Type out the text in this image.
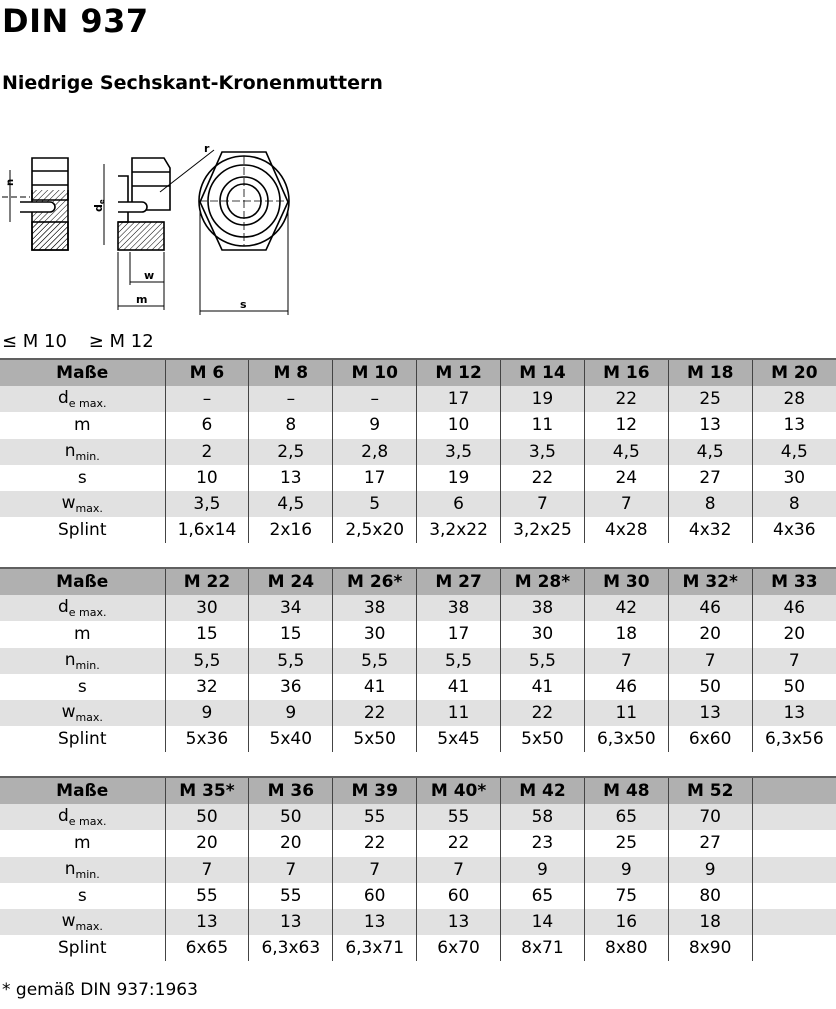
DIN 937
Niedrige Sechskant-Kronenmuttern
n
de
w
m
r
s
≤ M 10 ≥ M 12
Maße	M 6	M 8	M 10	M 12	M 14	M 16	M 18	M 20
$d_{e max.}$	–	–	–	17	19	22	25	28
m	6	8	9	10	11	12	13	13
$n_{min.}$	2	2,5	2,8	3,5	3,5	4,5	4,5	4,5
s	10	13	17	19	22	24	27	30
$w_{max.}$	3,5	4,5	5	6	7	7	8	8
Splint	1,6x14	2x16	2,5x20	3,2x22	3,2x25	4x28	4x32	4x36
Maße	M 22	M 24	M 26*	M 27	M 28*	M 30	M 32*	M 33
$d_{e max.}$	30	34	38	38	38	42	46	46
m	15	15	30	17	30	18	20	20
$n_{min.}$	5,5	5,5	5,5	5,5	5,5	7	7	7
s	32	36	41	41	41	46	50	50
$w_{max.}$	9	9	22	11	22	11	13	13
Splint	5x36	5x40	5x50	5x45	5x50	6,3x50	6x60	6,3x56
Maße	M 35*	M 36	M 39	M 40*	M 42	M 48	M 52	
$d_{e max.}$	50	50	55	55	58	65	70	
m	20	20	22	22	23	25	27	
$n_{min.}$	7	7	7	7	9	9	9	
s	55	55	60	60	65	75	80	
$w_{max.}$	13	13	13	13	14	16	18	
Splint	6x65	6,3x63	6,3x71	6x70	8x71	8x80	8x90	
* gemäß DIN 937:1963
